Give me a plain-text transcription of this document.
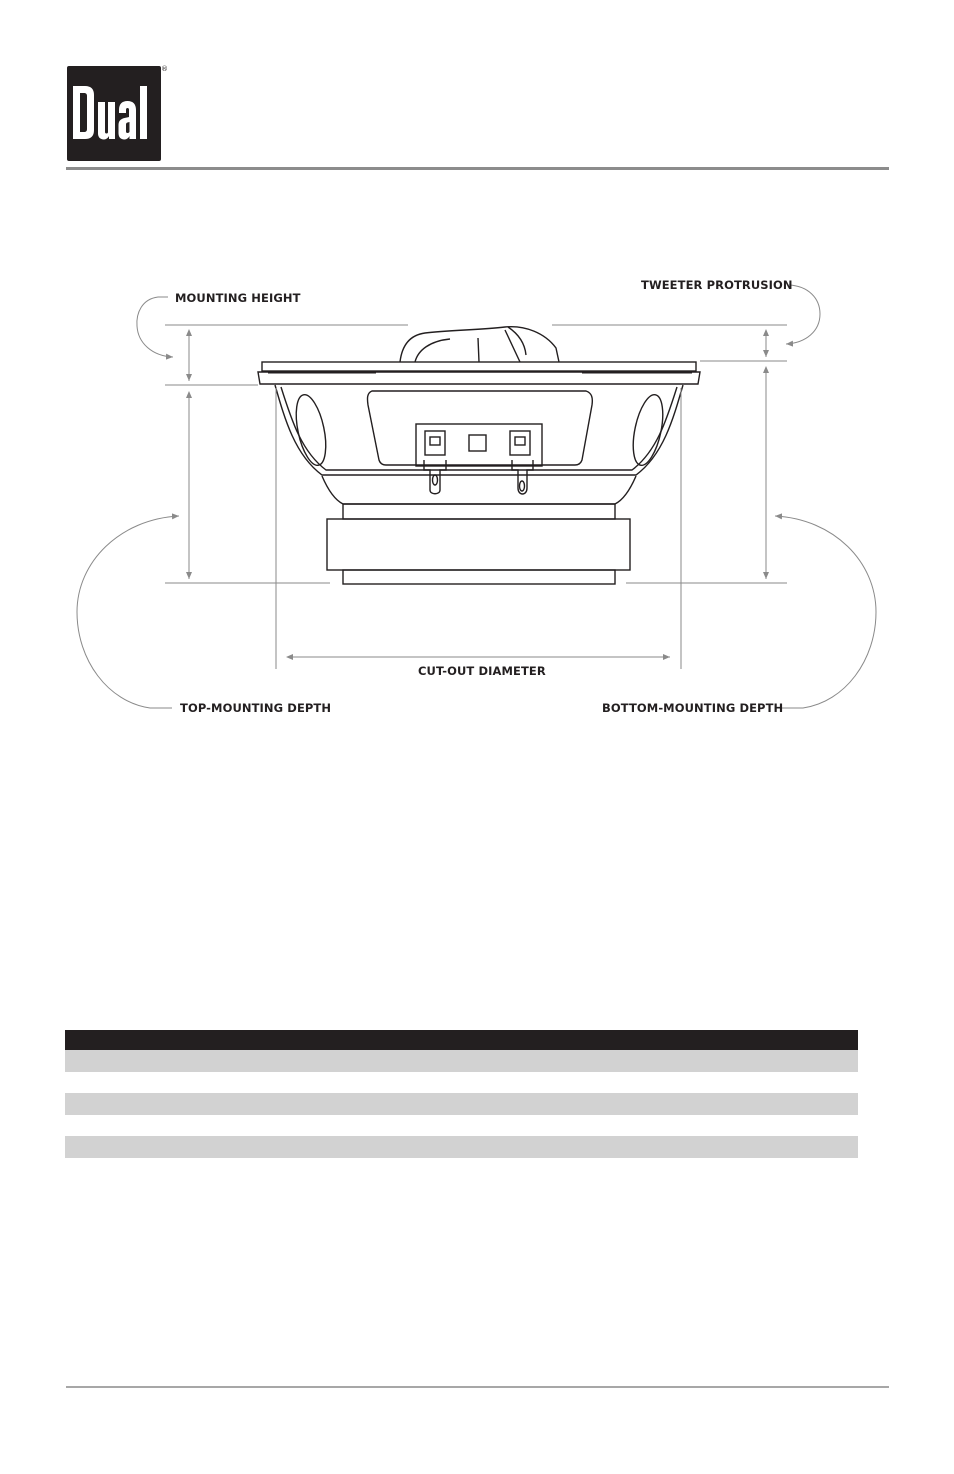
®
MOUNTING HEIGHT
TWEETER PROTRUSION
CUT-OUT DIAMETER
TOP-MOUNTING DEPTH	BOTTOM-MOUNTING DEPTH
